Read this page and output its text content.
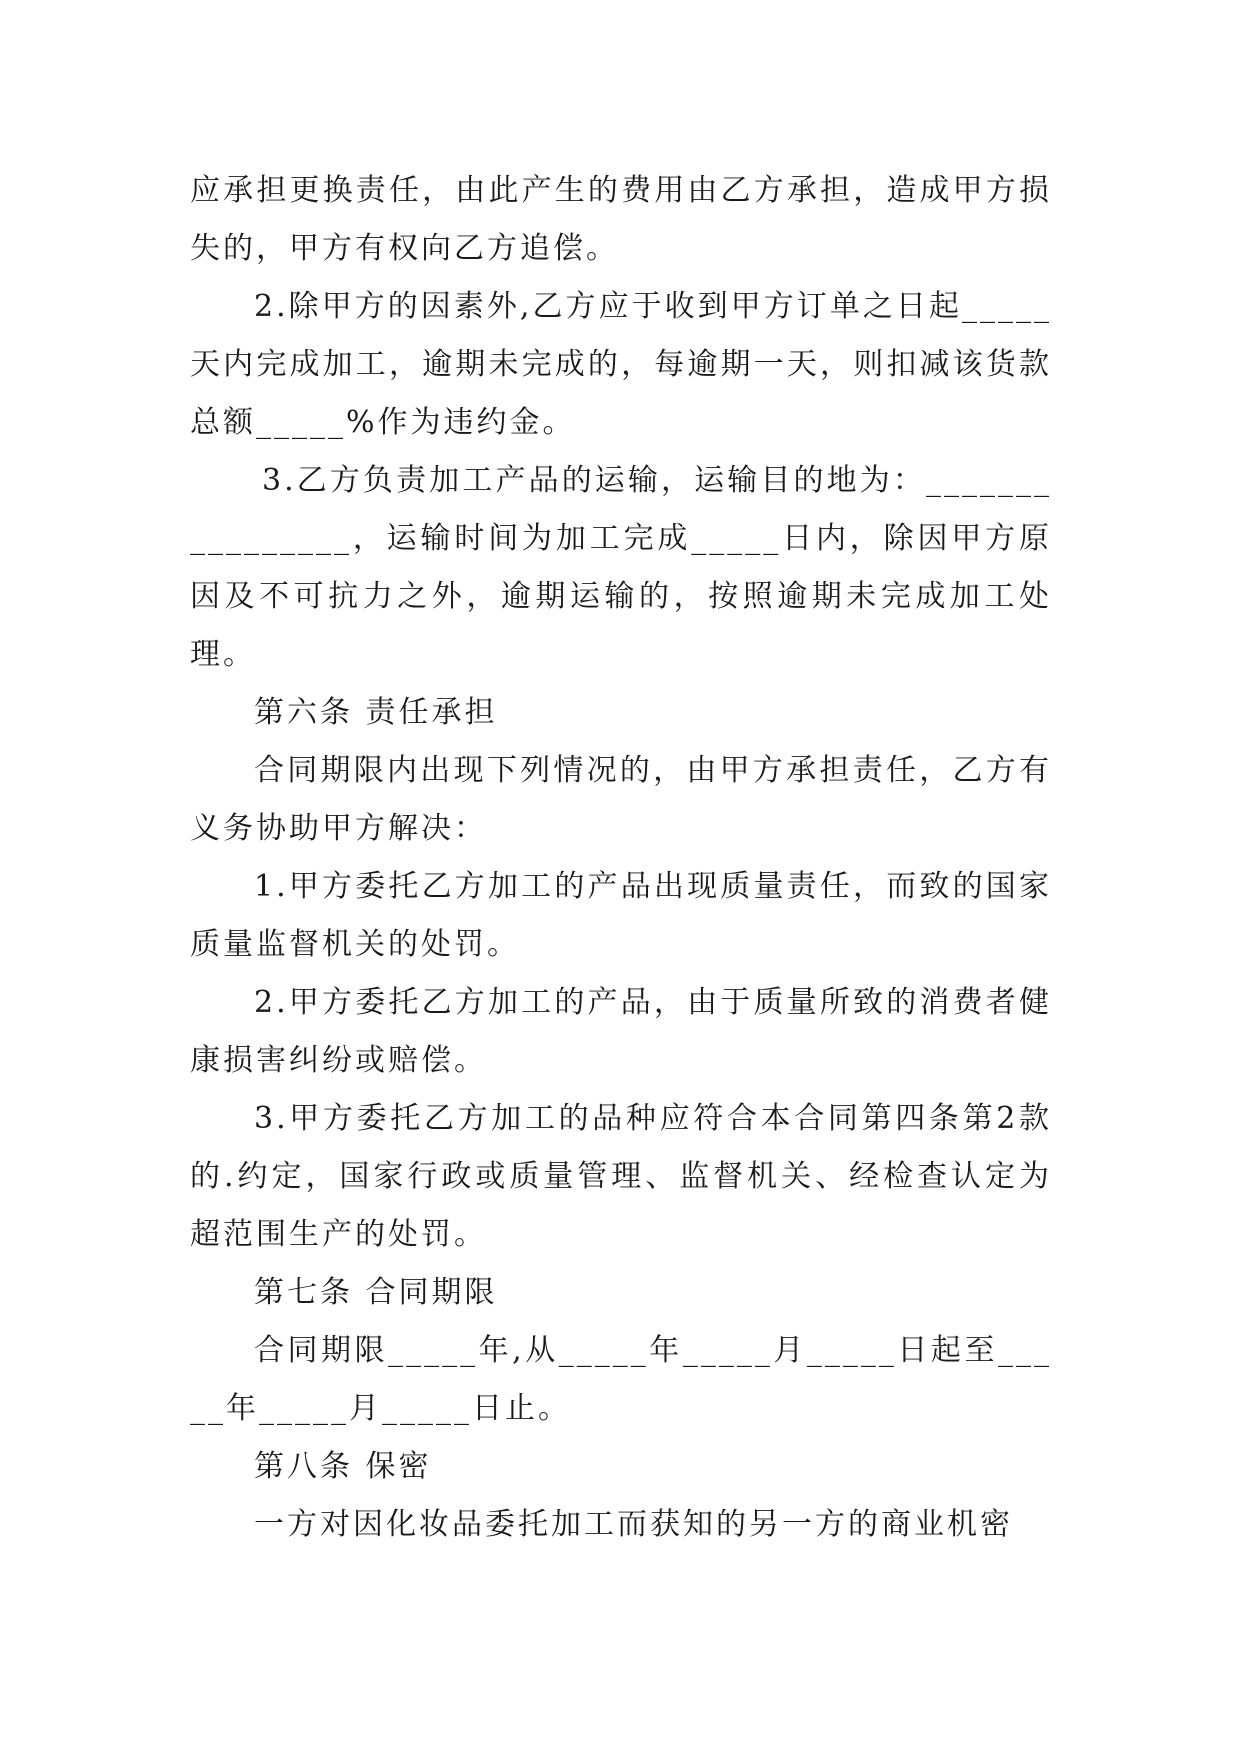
应承担更换责任，由此产生的费用由乙方承担，造成甲方损失的，甲方有权向乙方追偿。

2.除甲方的因素外,乙方应于收到甲方订单之日起_____天内完成加工，逾期未完成的，每逾期一天，则扣减该货款总额_____%作为违约金。

3.乙方负责加工产品的运输，运输目的地为：________________，运输时间为加工完成_____日内，除因甲方原因及不可抗力之外，逾期运输的，按照逾期未完成加工处理。

第六条 责任承担

合同期限内出现下列情况的，由甲方承担责任，乙方有义务协助甲方解决：

1.甲方委托乙方加工的产品出现质量责任，而致的国家质量监督机关的处罚。

2.甲方委托乙方加工的产品，由于质量所致的消费者健康损害纠纷或赔偿。

3.甲方委托乙方加工的品种应符合本合同第四条第2款的.约定，国家行政或质量管理、监督机关、经检查认定为超范围生产的处罚。

第七条 合同期限

合同期限_____年,从_____年_____月_____日起至_____年_____月_____日止。

第八条 保密

一方对因化妆品委托加工而获知的另一方的商业机密
